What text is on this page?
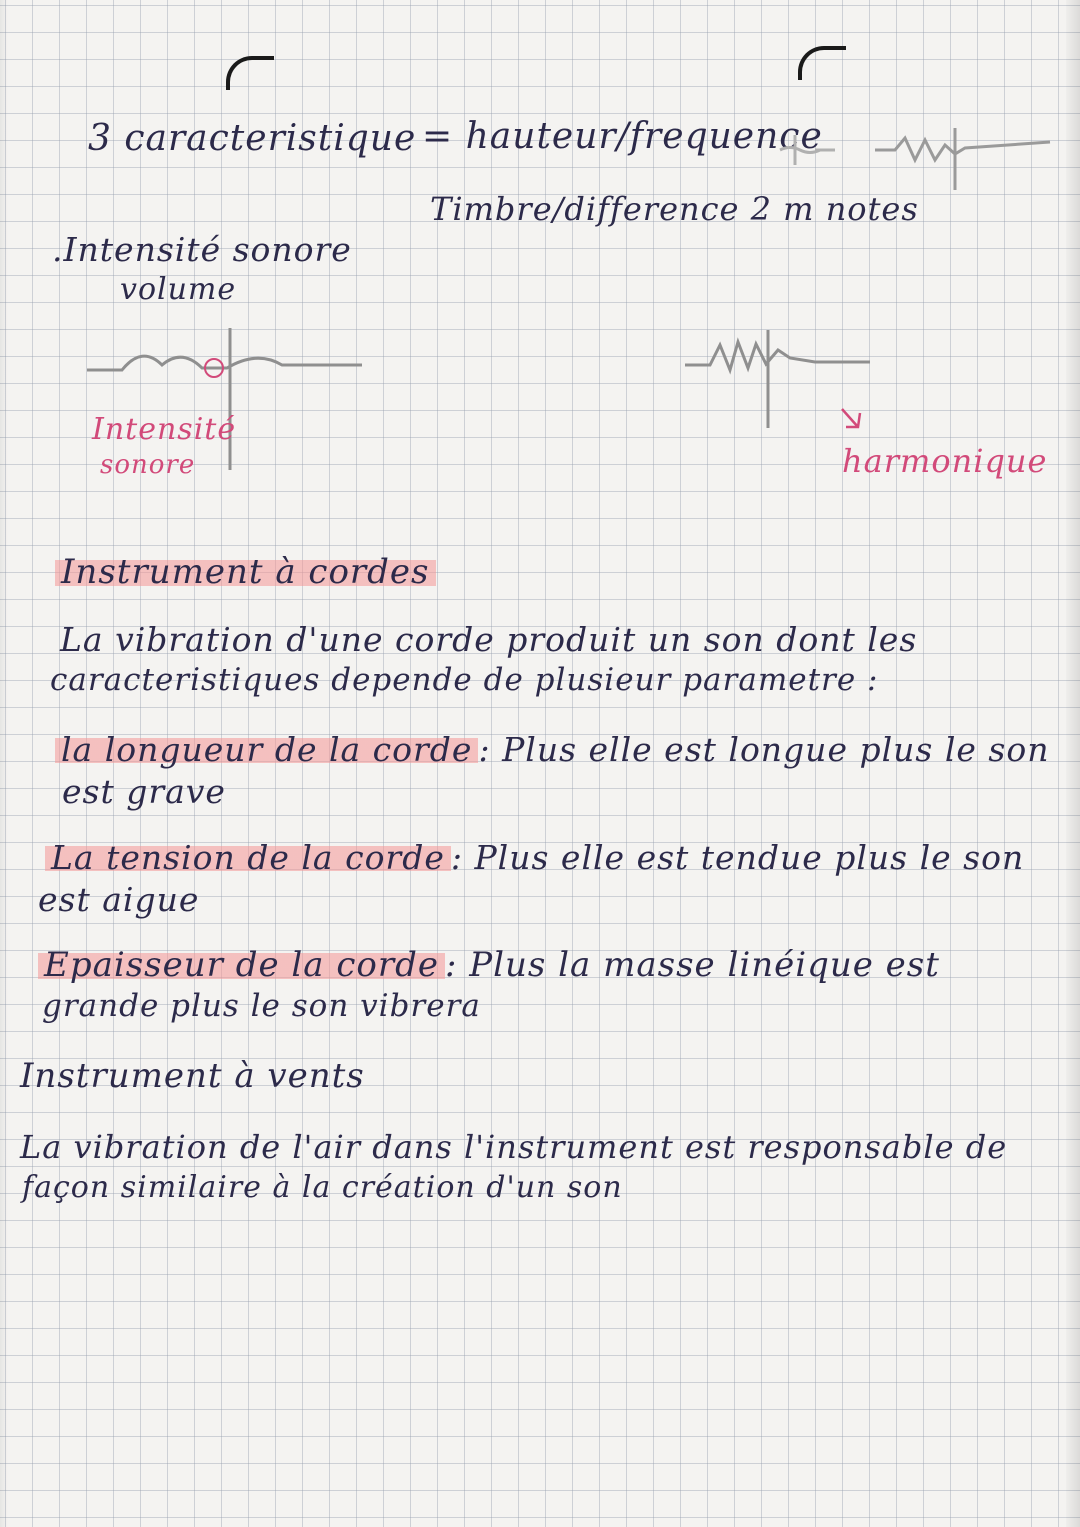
3 caracteristique = hauteur/frequence
Timbre/difference 2 m notes
.Intensité sonore
volume
Intensité
sonore	harmonique
Instrument à cordes
La vibration d'une corde produit un son dont les
caracteristiques depende de plusieur parametre :
la longueur de la corde : Plus elle est longue plus le son
est grave
La tension de la corde : Plus elle est tendue plus le son
est aigue
Epaisseur de la corde : Plus la masse linéique est
grande plus le son vibrera
Instrument à vents
La vibration de l'air dans l'instrument est responsable de
façon similaire à la création d'un son
